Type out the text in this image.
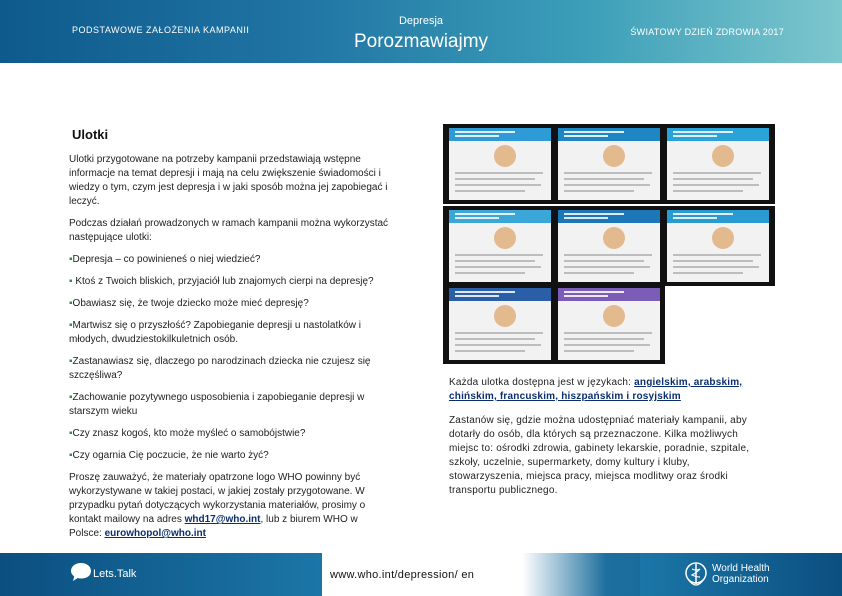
PODSTAWOWE ZAŁOŻENIA KAMPANII
Depresja
Porozmawiajmy	ŚWIATOWY DZIEŃ ZDROWIA 2017
Ulotki

Ulotki przygotowane na potrzeby kampanii przedstawiają wstępne informacje na temat depresji i mają na celu zwiększenie świadomości i wiedzy o tym, czym jest depresja i w jaki sposób można jej zapobiegać i leczyć.

Podczas działań prowadzonych w ramach kampanii można wykorzystać następujące ulotki:

▪Depresja – co powinieneś o niej wiedzieć?

▪ Ktoś z Twoich bliskich, przyjaciół lub znajomych cierpi na depresję?

▪Obawiasz się, że twoje dziecko może mieć depresję?

▪Martwisz się o przyszłość? Zapobieganie depresji u nastolatków i młodych, dwudziestokilkuletnich osób.

▪Zastanawiasz się, dlaczego po narodzinach dziecka nie czujesz się szczęśliwa?

▪Zachowanie pozytywnego usposobienia i zapobieganie depresji w starszym wieku

▪Czy znasz kogoś, kto może myśleć o samobójstwie?

▪Czy ogarnia Cię poczucie, że nie warto żyć?

Proszę zauważyć, że materiały opatrzone logo WHO powinny być wykorzystywane w takiej postaci, w jakiej zostały przygotowane. W przypadku pytań dotyczących wykorzystania materiałów, prosimy o kontakt mailowy na adres whd17@who.int, lub z biurem WHO w Polsce: eurowhopol@who.int

Każda ulotka dostępna jest w językach: angielskim, arabskim, chińskim, francuskim, hiszpańskim i rosyjskim

Zastanów się, gdzie można udostępniać materiały kampanii, aby dotarły do osób, dla których są przeznaczone. Kilka możliwych miejsc to: ośrodki zdrowia, gabinety lekarskie, poradnie, szpitale, szkoły, uczelnie, supermarkety, domy kultury i kluby, stowarzyszenia, miejsca pracy, miejsca modlitwy oraz środki transportu publicznego.

Lets.Talk	www.who.int/depression/ en
World Health
Organization
